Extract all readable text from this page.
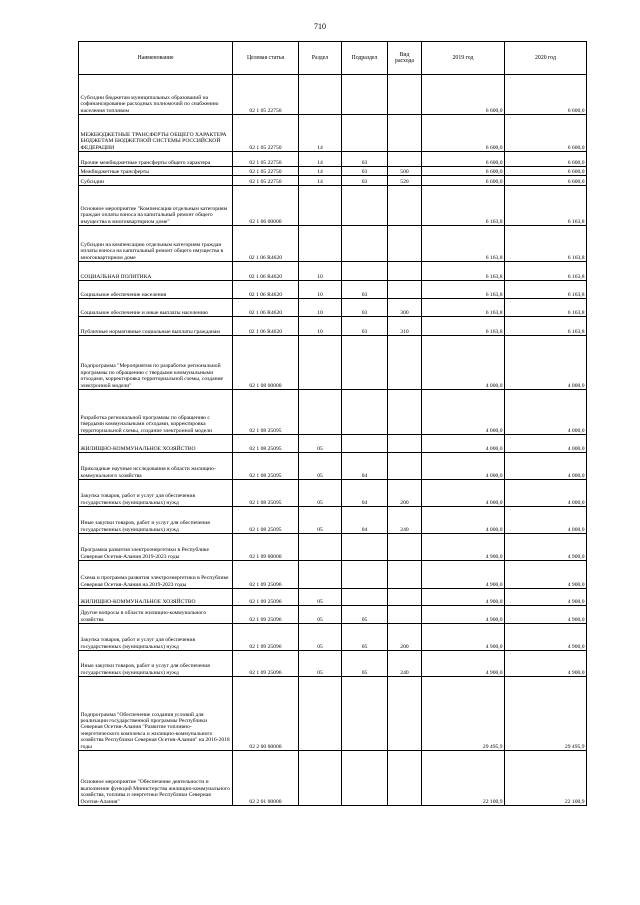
710
Наименование	Целевая статья	Раздел	Подраздел	Вид расхода	2019 год	2020 год
Субсидии бюджетам муниципальных образований на софинансирование расходных полномочий по снабжению населения топливом	02 1 05 22750				6 600,0	6 600,0
МЕЖБЮДЖЕТНЫЕ ТРАНСФЕРТЫ ОБЩЕГО ХАРАКТЕРА БЮДЖЕТАМ БЮДЖЕТНОЙ СИСТЕМЫ РОССИЙСКОЙ ФЕДЕРАЦИИ	02 1 05 22750	14			6 600,0	6 600,0
Прочие межбюджетные трансферты общего характера	02 1 05 22750	14	03		6 600,0	6 600,0
Межбюджетные трансферты	02 1 05 22750	14	03	500	6 600,0	6 600,0
Субсидии	02 1 05 22750	14	03	520	6 600,0	6 600,0
Основное мероприятие "Компенсация отдельным категориям граждан оплаты взноса на капитальный ремонт общего имущества в многоквартирном доме"	02 1 06 00000				6 163,8	6 163,8
Субсидии на компенсацию отдельным категориям граждан оплаты взноса на капитальный ремонт общего имущества в многоквартирном доме	02 1 06 R4620				6 163,8	6 163,8
СОЦИАЛЬНАЯ ПОЛИТИКА	02 1 06 R4620	10			6 163,8	6 163,8
Социальное обеспечение населения	02 1 06 R4620	10	03		6 163,8	6 163,8
Социальное обеспечение и иные выплаты населению	02 1 06 R4620	10	03	300	6 163,8	6 163,8
Публичные нормативные социальные выплаты гражданам	02 1 06 R4620	10	03	310	6 163,8	6 163,8
Подпрограмма "Мероприятия по разработке региональной программы по обращению с твердыми коммунальными отходами, корректировка территориальной схемы, создание электронной модели"	02 1 08 00000				4 000,0	4 000,0
Разработка региональной программы по обращению с твердыми коммунальными отходами, корректировка территориальной схемы, создание электронной модели	02 1 08 25095				4 000,0	4 000,0
ЖИЛИЩНО-КОММУНАЛЬНОЕ ХОЗЯЙСТВО	02 1 08 25095	05			4 000,0	4 000,0
Прикладные научные исследования в области жилищно-коммунального хозяйства	02 1 08 25095	05	04		4 000,0	4 000,0
Закупка товаров, работ и услуг для обеспечения государственных (муниципальных) нужд	02 1 08 25095	05	04	200	4 000,0	4 000,0
Иные закупки товаров, работ и услуг для обеспечения государственных (муниципальных) нужд	02 1 08 25095	05	04	240	4 000,0	4 000,0
Программа развития электроэнергетики в Республике Северная Осетия-Алания 2019-2023 годы	02 1 09 00000				4 900,0	4 900,0
Схема и программа развития электроэнергетики в Республике Северная Осетия-Алания на 2019-2023 годы	02 1 09 25096				4 900,0	4 900,0
ЖИЛИЩНО-КОММУНАЛЬНОЕ ХОЗЯЙСТВО	02 1 09 25096	05			4 900,0	4 900,0
Другие вопросы в области жилищно-коммунального хозяйства	02 1 09 25096	05	05		4 900,0	4 900,0
Закупка товаров, работ и услуг для обеспечения государственных (муниципальных) нужд	02 1 09 25096	05	05	200	4 900,0	4 900,0
Иные закупки товаров, работ и услуг для обеспечения государственных (муниципальных) нужд	02 1 09 25096	05	05	240	4 900,0	4 900,0
Подпрограмма "Обеспечение создания условий для реализации государственной программы Республики Северная Осетия-Алания "Развитие топливно-энергетического комплекса и жилищно-коммунального хозяйства Республики Северная Осетия-Алания" на 2016-2018 годы	02 2 00 00000				29 495,9	29 495,9
Основное мероприятие "Обеспечение деятельности и выполнение функций Министерства жилищно-коммунального хозяйства, топлива и энергетики Республики Северная Осетия-Алания"	02 2 01 00000				22 100,9	22 100,9
